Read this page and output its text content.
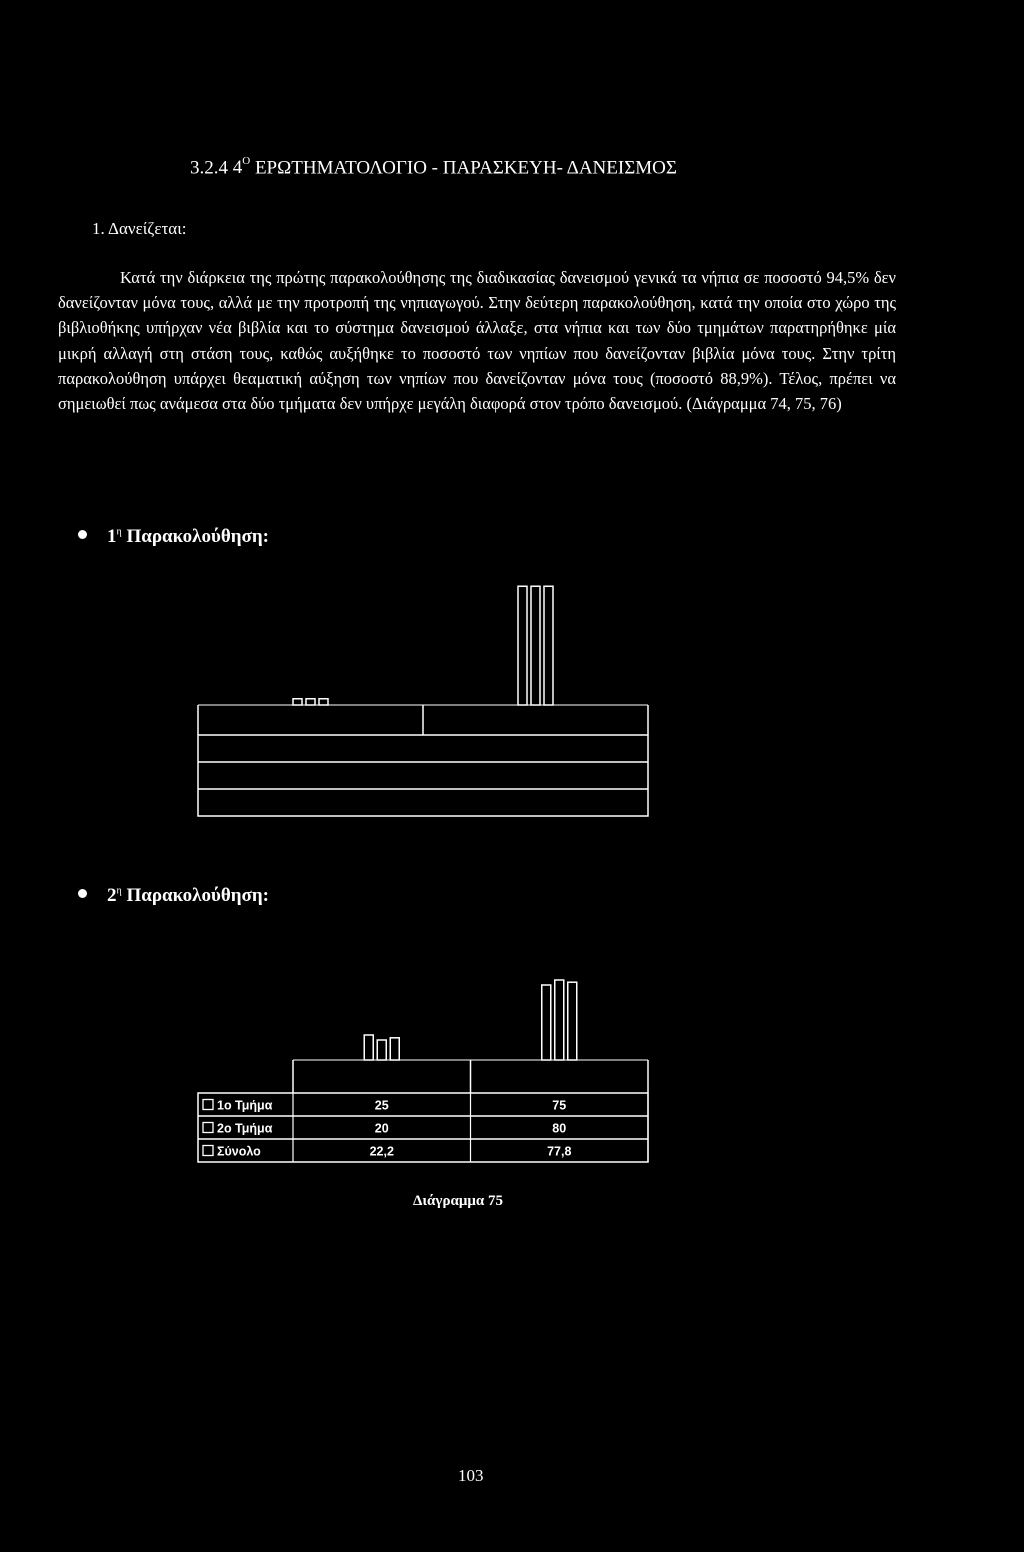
3.2.4 $4^O$ ΕΡΩΤΗΜΑΤΟΛΟΓΙΟ - ΠΑΡΑΣΚΕΥΗ- ΔΑΝΕΙΣΜΟΣ
1. Δανείζεται:
Κατά την διάρκεια της πρώτης παρακολούθησης της διαδικασίας δανεισμού γενικά τα νήπια σε ποσοστό 94,5% δεν δανείζονταν μόνα τους, αλλά με την προτροπή της νηπιαγωγού. Στην δεύτερη παρακολούθηση, κατά την οποία στο χώρο της βιβλιοθήκης υπήρχαν νέα βιβλία και το σύστημα δανεισμού άλλαξε, στα νήπια και των δύο τμημάτων παρατηρήθηκε μία μικρή αλλαγή στη στάση τους, καθώς αυξήθηκε το ποσοστό των νηπίων που δανείζονταν βιβλία μόνα τους. Στην τρίτη παρακολούθηση υπάρχει θεαματική αύξηση των νηπίων που δανείζονταν μόνα τους (ποσοστό 88,9%). Τέλος, πρέπει να σημειωθεί πως ανάμεσα στα δύο τμήματα δεν υπήρχε μεγάλη διαφορά στον τρόπο δανεισμού. (Διάγραμμα 74, 75, 76)
$1^\eta$ Παρακολούθηση:
$2^\eta$ Παρακολούθηση:
1ο Τμήμα	25	75
2ο Τμήμα	20	80
Σύνολο	22,2	77,8
Διάγραμμα 75
103
